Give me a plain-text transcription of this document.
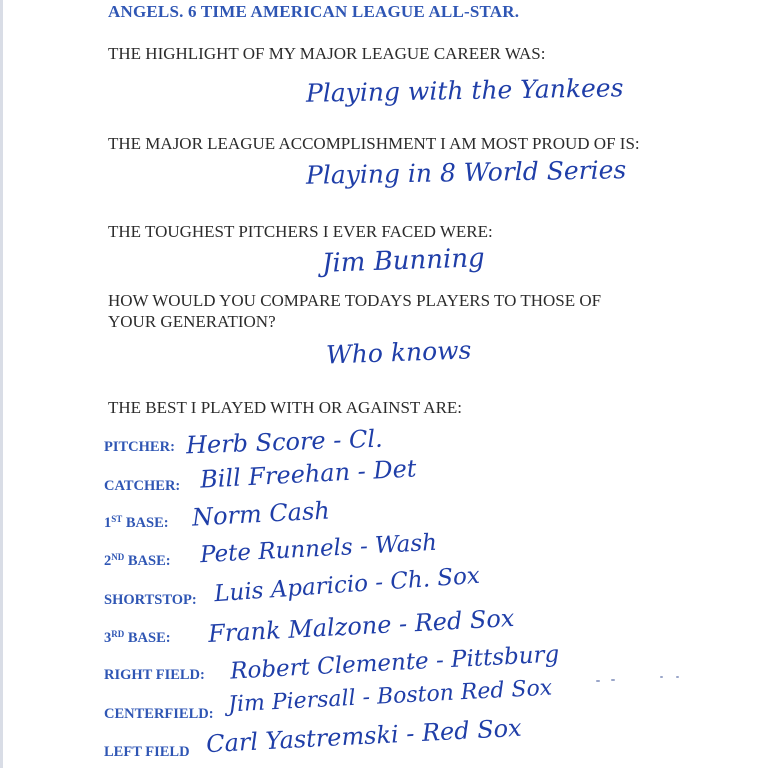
ANGELS. 6 TIME AMERICAN LEAGUE ALL-STAR.
THE HIGHLIGHT OF MY MAJOR LEAGUE CAREER WAS:
Playing with the Yankees
THE MAJOR LEAGUE ACCOMPLISHMENT I AM MOST PROUD OF IS:
Playing in 8 World Series
THE TOUGHEST PITCHERS I EVER FACED WERE:
Jim Bunning
HOW WOULD YOU COMPARE TODAYS PLAYERS TO THOSE OF
YOUR GENERATION?
Who knows
THE BEST I PLAYED WITH OR AGAINST ARE:
PITCHER: Herb Score - Cl.
CATCHER: Bill Freehan - Det
1ST BASE: Norm Cash
2ND BASE: Pete Runnels - Wash
SHORTSTOP: Luis Aparicio - Ch. Sox
3RD BASE: Frank Malzone - Red Sox
RIGHT FIELD: Robert Clemente - Pittsburg
CENTERFIELD: Jim Piersall - Boston Red Sox
LEFT FIELD Carl Yastremski - Red Sox
